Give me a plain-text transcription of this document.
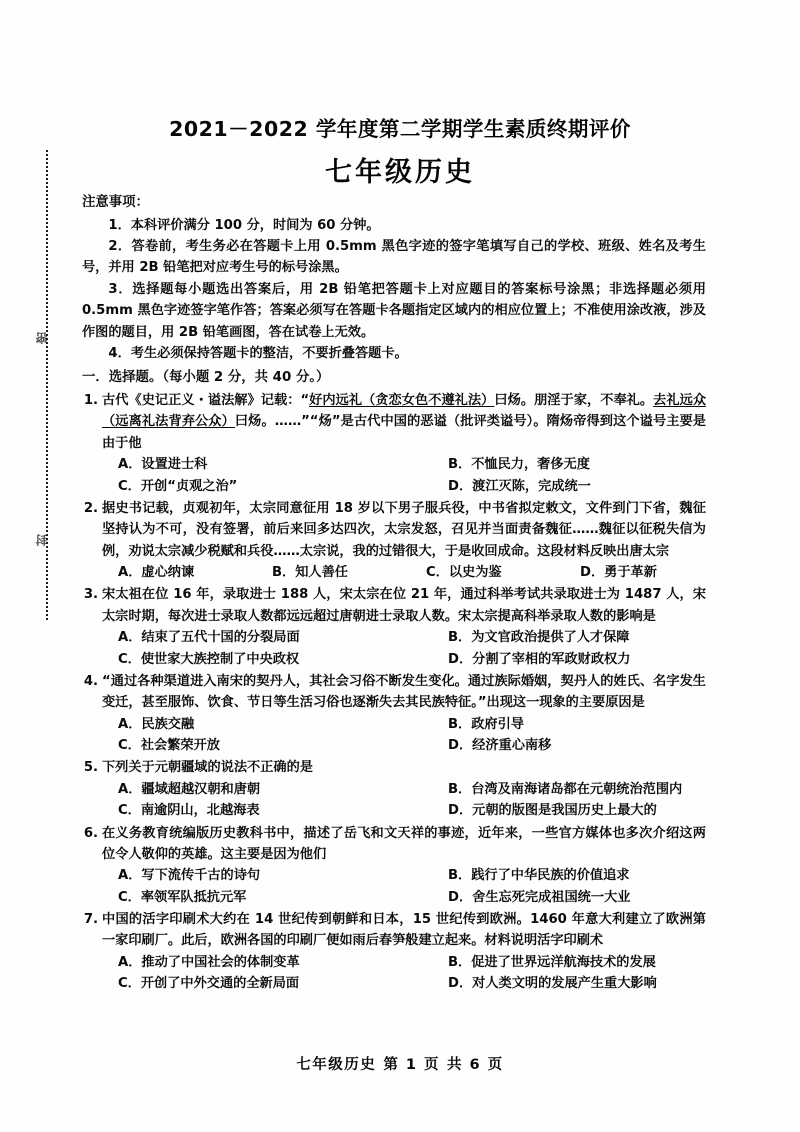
密
封
2021－2022 学年度第二学期学生素质终期评价
七年级历史
注意事项：
1．本科评价满分 100 分，时间为 60 分钟。
2．答卷前，考生务必在答题卡上用 0.5mm 黑色字迹的签字笔填写自己的学校、班级、姓名及考生号，并用 2B 铅笔把对应考生号的标号涂黑。
3．选择题每小题选出答案后，用 2B 铅笔把答题卡上对应题目的答案标号涂黑；非选择题必须用 0.5mm 黑色字迹签字笔作答；答案必须写在答题卡各题指定区域内的相应位置上；不准使用涂改液，涉及作图的题目，用 2B 铅笔画图，答在试卷上无效。
4．考生必须保持答题卡的整洁，不要折叠答题卡。
一．选择题。（每小题 2 分，共 40 分。）
1. 古代《史记正义・谥法解》记载：“好内远礼（贪恋女色不遵礼法）曰炀。朋淫于家，不奉礼。去礼远众（远离礼法背弃公众）曰炀。……”“炀”是古代中国的恶谥（批评类谥号）。隋炀帝得到这个谥号主要是由于他
A．设置进士科	B．不恤民力，奢侈无度
C．开创“贞观之治”	D．渡江灭陈，完成统一
2. 据史书记载，贞观初年，太宗同意征用 18 岁以下男子服兵役，中书省拟定敕文，文件到门下省，魏征坚持认为不可，没有签署，前后来回多达四次，太宗发怒，召见并当面责备魏征……魏征以征税失信为例，劝说太宗减少税赋和兵役……太宗说，我的过错很大，于是收回成命。这段材料反映出唐太宗
A．虚心纳谏	B．知人善任	C．以史为鉴	D．勇于革新
3. 宋太祖在位 16 年，录取进士 188 人，宋太宗在位 21 年，通过科举考试共录取进士为 1487 人，宋太宗时期，每次进士录取人数都远远超过唐朝进士录取人数。宋太宗提高科举录取人数的影响是
A．结束了五代十国的分裂局面	B．为文官政治提供了人才保障
C．使世家大族控制了中央政权	D．分割了宰相的军政财政权力
4. “通过各种渠道进入南宋的契丹人，其社会习俗不断发生变化。通过族际婚姻，契丹人的姓氏、名字发生变迁，甚至服饰、饮食、节日等生活习俗也逐渐失去其民族特征。”出现这一现象的主要原因是
A．民族交融	B．政府引导
C．社会繁荣开放	D．经济重心南移
5. 下列关于元朝疆域的说法不正确的是
A．疆域超越汉朝和唐朝	B．台湾及南海诸岛都在元朝统治范围内
C．南逾阴山，北越海表	D．元朝的版图是我国历史上最大的
6. 在义务教育统编版历史教科书中，描述了岳飞和文天祥的事迹，近年来，一些官方媒体也多次介绍这两位令人敬仰的英雄。这主要是因为他们
A．写下流传千古的诗句	B．践行了中华民族的价值追求
C．率领军队抵抗元军	D．舍生忘死完成祖国统一大业
7. 中国的活字印刷术大约在 14 世纪传到朝鲜和日本，15 世纪传到欧洲。1460 年意大利建立了欧洲第一家印刷厂。此后，欧洲各国的印刷厂便如雨后春笋般建立起来。材料说明活字印刷术
A．推动了中国社会的体制变革	B．促进了世界远洋航海技术的发展
C．开创了中外交通的全新局面	D．对人类文明的发展产生重大影响
七年级历史 第 1 页 共 6 页
